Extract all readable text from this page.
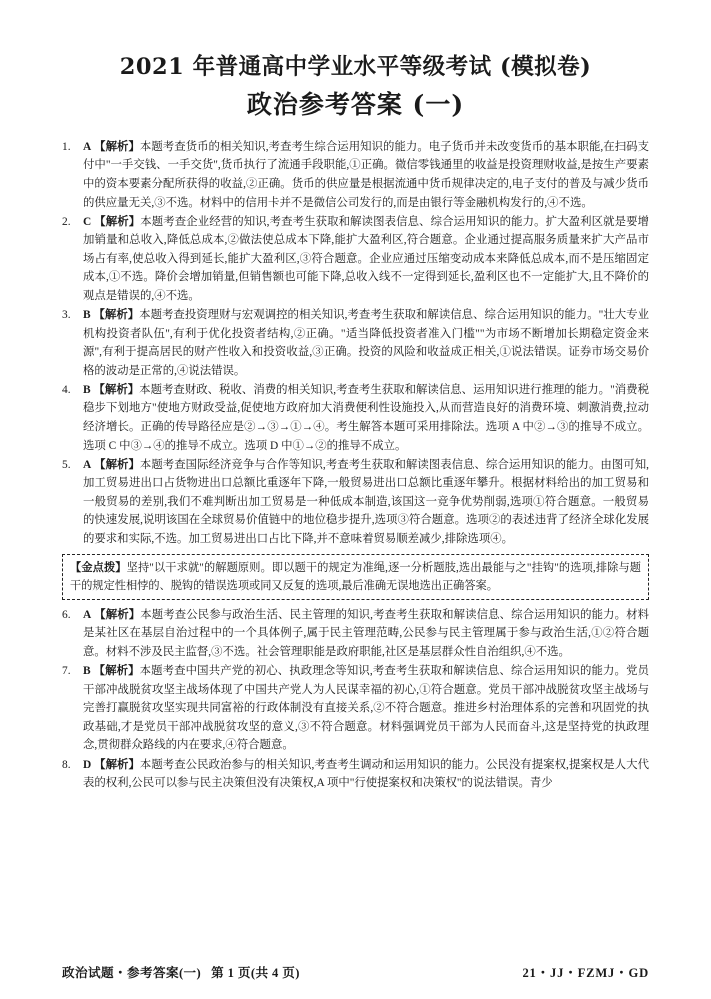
2021 年普通高中学业水平等级考试 (模拟卷)
政治参考答案 (一)
1. A 【解析】本题考查货币的相关知识,考查考生综合运用知识的能力。电子货币并未改变货币的基本职能,在扫码支付中"一手交钱、一手交货",货币执行了流通手段职能,①正确。微信零钱通里的收益是投资理财收益,是按生产要素中的资本要素分配所获得的收益,②正确。货币的供应量是根据流通中货币规律决定的,电子支付的普及与减少货币的供应量无关,③不选。材料中的信用卡并不是微信公司发行的,而是由银行等金融机构发行的,④不选。
2. C 【解析】本题考查企业经营的知识,考查考生获取和解读图表信息、综合运用知识的能力。扩大盈利区就是要增加销量和总收入,降低总成本,②做法使总成本下降,能扩大盈利区,符合题意。企业通过提高服务质量来扩大产品市场占有率,使总收入得到延长,能扩大盈利区,③符合题意。企业应通过压缩变动成本来降低总成本,而不是压缩固定成本,①不选。降价会增加销量,但销售额也可能下降,总收入线不一定得到延长,盈利区也不一定能扩大,且不降价的观点是错误的,④不选。
3. B 【解析】本题考查投资理财与宏观调控的相关知识,考查考生获取和解读信息、综合运用知识的能力。"壮大专业机构投资者队伍",有利于优化投资者结构,②正确。"适当降低投资者准入门槛""为市场不断增加长期稳定资金来源",有利于提高居民的财产性收入和投资收益,③正确。投资的风险和收益成正相关,①说法错误。证券市场交易价格的波动是正常的,④说法错误。
4. B 【解析】本题考查财政、税收、消费的相关知识,考查考生获取和解读信息、运用知识进行推理的能力。"消费税稳步下划地方"使地方财政受益,促使地方政府加大消费便利性设施投入,从而营造良好的消费环境、刺激消费,拉动经济增长。正确的传导路径应是②→③→①→④。考生解答本题可采用排除法。选项 A 中②→③的推导不成立。选项 C 中③→④的推导不成立。选项 D 中①→②的推导不成立。
5. A 【解析】本题考查国际经济竞争与合作等知识,考查考生获取和解读图表信息、综合运用知识的能力。由图可知,加工贸易进出口占货物进出口总额比重逐年下降,一般贸易进出口总额比重逐年攀升。根据材料给出的加工贸易和一般贸易的差别,我们不难判断出加工贸易是一种低成本制造,该国这一竞争优势削弱,选项①符合题意。一般贸易的快速发展,说明该国在全球贸易价值链中的地位稳步提升,选项③符合题意。选项②的表述违背了经济全球化发展的要求和实际,不选。加工贸易进出口占比下降,并不意味着贸易顺差减少,排除选项④。
【金点拨】坚持"以干求就"的解题原则。即以题干的规定为准绳,逐一分析题肢,选出最能与之"挂钩"的选项,排除与题干的规定性相悖的、脱钩的错误选项或同又反复的选项,最后准确无误地选出正确答案。
6. A 【解析】本题考查公民参与政治生活、民主管理的知识,考查考生获取和解读信息、综合运用知识的能力。材料是某社区在基层自治过程中的一个具体例子,属于民主管理范畴,公民参与民主管理属于参与政治生活,①②符合题意。材料不涉及民主监督,③不选。社会管理职能是政府职能,社区是基层群众性自治组织,④不选。
7. B 【解析】本题考查中国共产党的初心、执政理念等知识,考查考生获取和解读信息、综合运用知识的能力。党员干部冲战脱贫攻坚主战场体现了中国共产党人为人民谋幸福的初心,①符合题意。党员干部冲战脱贫攻坚主战场与完善打赢脱贫攻坚实现共同富裕的行政体制没有直接关系,②不符合题意。推进乡村治理体系的完善和巩固党的执政基础,才是党员干部冲战脱贫攻坚的意义,③不符合题意。材料强调党员干部为人民而奋斗,这是坚持党的执政理念,贯彻群众路线的内在要求,④符合题意。
8. D 【解析】本题考查公民政治参与的相关知识,考查考生调动和运用知识的能力。公民没有提案权,提案权是人大代表的权利,公民可以参与民主决策但没有决策权,A 项中"行使提案权和决策权"的说法错误。青少
政治试题・参考答案(一) 第 1 页(共 4 页)	21・JJ・FZMJ・GD
